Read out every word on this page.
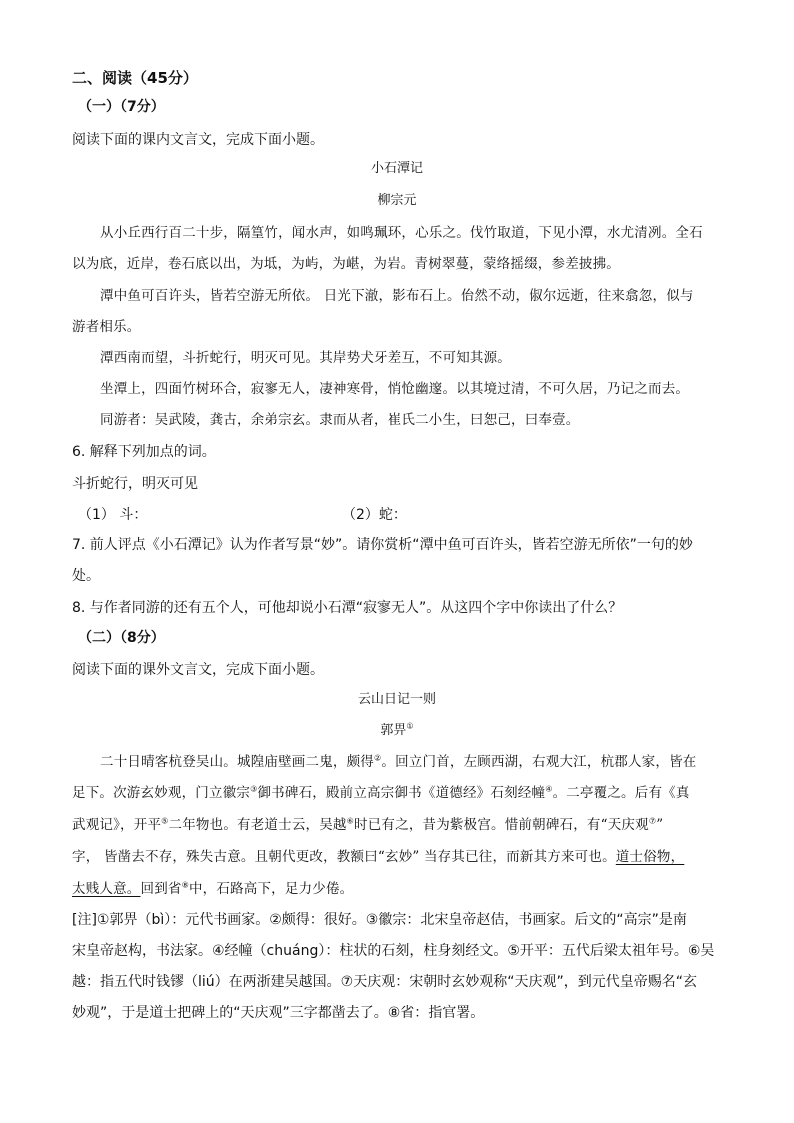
二、阅读（45分）
（一）（7分）
阅读下面的课内文言文，完成下面小题。
小石潭记
柳宗元
从小丘西行百二十步，隔篁竹，闻水声，如鸣珮环，心乐之。伐竹取道，下见小潭，水尤清冽。全石
以为底，近岸，卷石底以出，为坻，为屿，为嵁，为岩。青树翠蔓，蒙络摇缀，参差披拂。
潭中鱼可百许头，皆若空游无所依。 日光下澈，影布石上。佁然不动，俶尔远逝，往来翕忽，似与
游者相乐。
潭西南而望，斗折蛇行，明灭可见。其岸势犬牙差互，不可知其源。
坐潭上，四面竹树环合，寂寥无人，凄神寒骨，悄怆幽邃。以其境过清，不可久居，乃记之而去。
同游者：吴武陵，龚古，余弟宗玄。隶而从者，崔氏二小生，曰恕己，曰奉壹。
6. 解释下列加点的词。
斗折蛇行，明灭可见
（1） 斗：	（2）蛇：
7. 前人评点《小石潭记》认为作者写景“妙”。请你赏析“潭中鱼可百许头，皆若空游无所依”一句的妙
处。
8. 与作者同游的还有五个人，可他却说小石潭“寂寥无人”。从这四个字中你读出了什么？
（二）（8分）
阅读下面的课外文言文，完成下面小题。
云山日记一则
郭畀①
二十日晴客杭登吴山。城隍庙壁画二鬼，颇得②。回立门首，左顾西湖，右观大江，杭郡人家，皆在
足下。次游玄妙观，门立徽宗③御书碑石，殿前立高宗御书《道德经》石刻经幢④。二亭覆之。后有《真
武观记》，开平⑤二年物也。有老道士云，吴越⑥时已有之，昔为紫极宫。惜前朝碑石，有“天庆观⑦”
字， 皆凿去不存，殊失古意。且朝代更改，教额曰“玄妙” 当存其已往，而新其方来可也。道士俗物，
太贱人意。回到省⑧中，石路高下，足力少倦。
[注]①郭畀（bì）：元代书画家。②颇得：很好。③徽宗：北宋皇帝赵佶，书画家。后文的“高宗”是南
宋皇帝赵构，书法家。④经幢（chuáng）：柱状的石刻，柱身刻经文。⑤开平：五代后梁太祖年号。⑥吴
越：指五代时钱镠（liú）在两浙建吴越国。⑦天庆观：宋朝时玄妙观称“天庆观”，到元代皇帝赐名“玄
妙观”，于是道士把碑上的“天庆观”三字都凿去了。⑧省：指官署。
